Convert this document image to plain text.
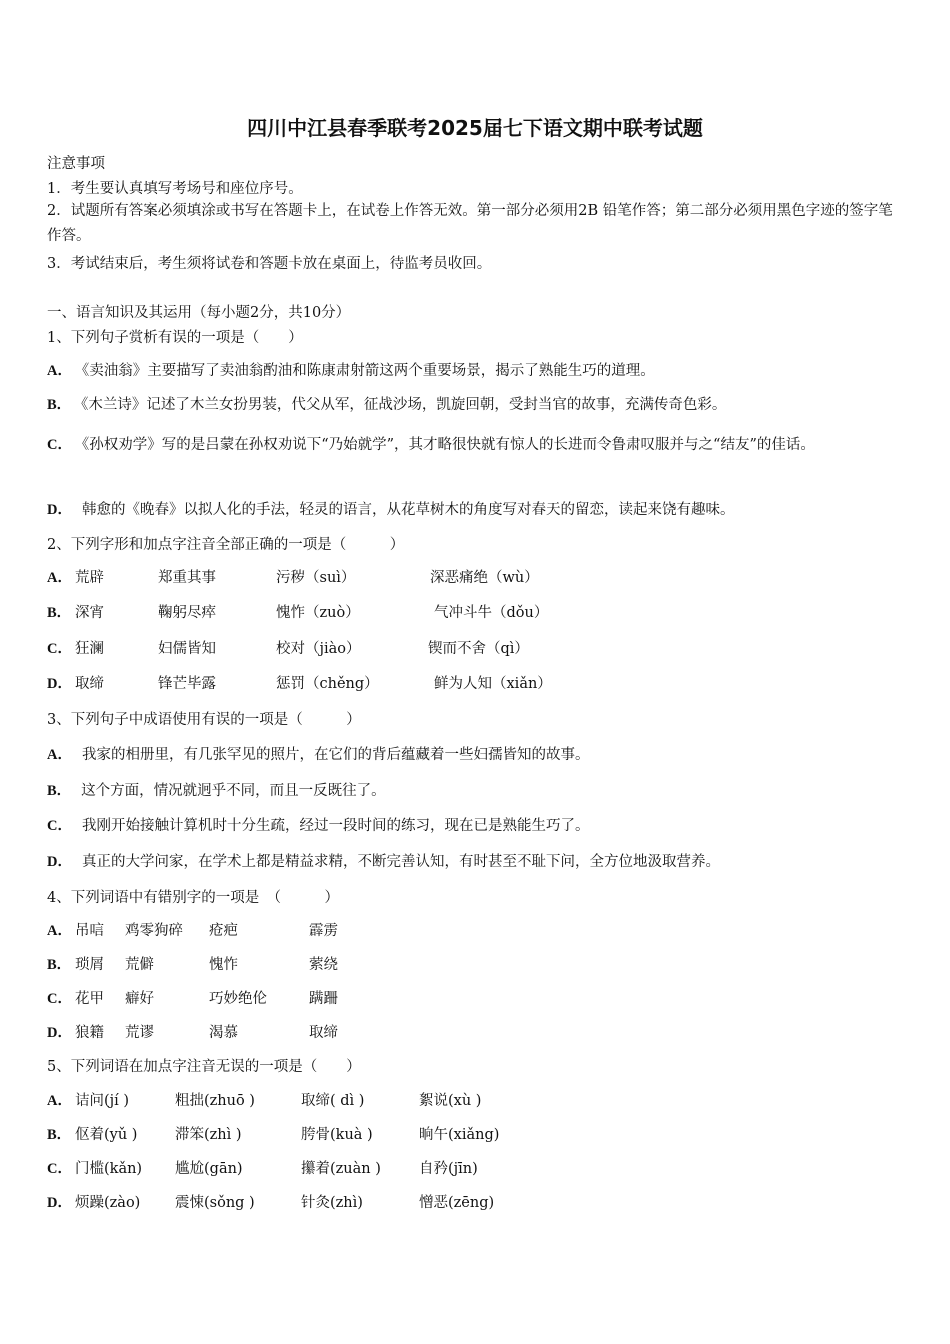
四川中江县春季联考2025届七下语文期中联考试题
注意事项
1．考生要认真填写考场号和座位序号。
2．试题所有答案必须填涂或书写在答题卡上，在试卷上作答无效。第一部分必须用2B 铅笔作答；第二部分必须用黑色字迹的签字笔作答。
3．考试结束后，考生须将试卷和答题卡放在桌面上，待监考员收回。
一、语言知识及其运用（每小题2分，共10分）
1、下列句子赏析有误的一项是（　　）
A． 《卖油翁》主要描写了卖油翁酌油和陈康肃射箭这两个重要场景，揭示了熟能生巧的道理。
B． 《木兰诗》记述了木兰女扮男装，代父从军，征战沙场，凯旋回朝，受封当官的故事，充满传奇色彩。
C． 《孙权劝学》写的是吕蒙在孙权劝说下“乃始就学”，其才略很快就有惊人的长进而令鲁肃叹服并与之“结友”的佳话。
D． 韩愈的《晚春》以拟人化的手法，轻灵的语言，从花草树木的角度写对春天的留恋，读起来饶有趣味。
2、下列字形和加点字注音全部正确的一项是（　　　）
A． 荒辟	郑重其事	污秽（suì）	深恶痛绝（wù）
B． 深宵	鞠躬尽瘁	愧怍（zuò）	气冲斗牛（dǒu）
C． 狂澜	妇儒皆知	校对（jiào）	锲而不舍（qì）
D． 取缔	锋芒毕露	惩罚（chěng）	鲜为人知（xiǎn）
3、下列句子中成语使用有误的一项是（　　　）
A． 我家的相册里，有几张罕见的照片，在它们的背后蕴藏着一些妇孺皆知的故事。
B． 这个方面，情况就迥乎不同，而且一反既往了。
C． 我刚开始接触计算机时十分生疏，经过一段时间的练习，现在已是熟能生巧了。
D． 真正的大学问家，在学术上都是精益求精，不断完善认知，有时甚至不耻下问，全方位地汲取营养。
4、下列词语中有错别字的一项是　（　　　）
A． 吊唁 鸡零狗碎 疮疤	霹雳
B． 琐屑 荒僻	愧怍	萦绕
C． 花甲 癖好	巧妙绝伦	蹒跚
D． 狼籍 荒谬	渴慕	取缔
5、下列词语在加点字注音无误的一项是（　　）
A． 诘问(jí )	粗拙(zhuō )	取缔( dì )	絮说(xù )
B． 伛着(yǔ )	滞笨(zhì )	胯骨(kuà )	晌午(xiǎng)
C． 门槛(kǎn) 尴尬(gān)	攥着(zuàn )	自矜(jīn)
D． 烦躁(zào) 震悚(sǒng )	针灸(zhì)	憎恶(zēng)
